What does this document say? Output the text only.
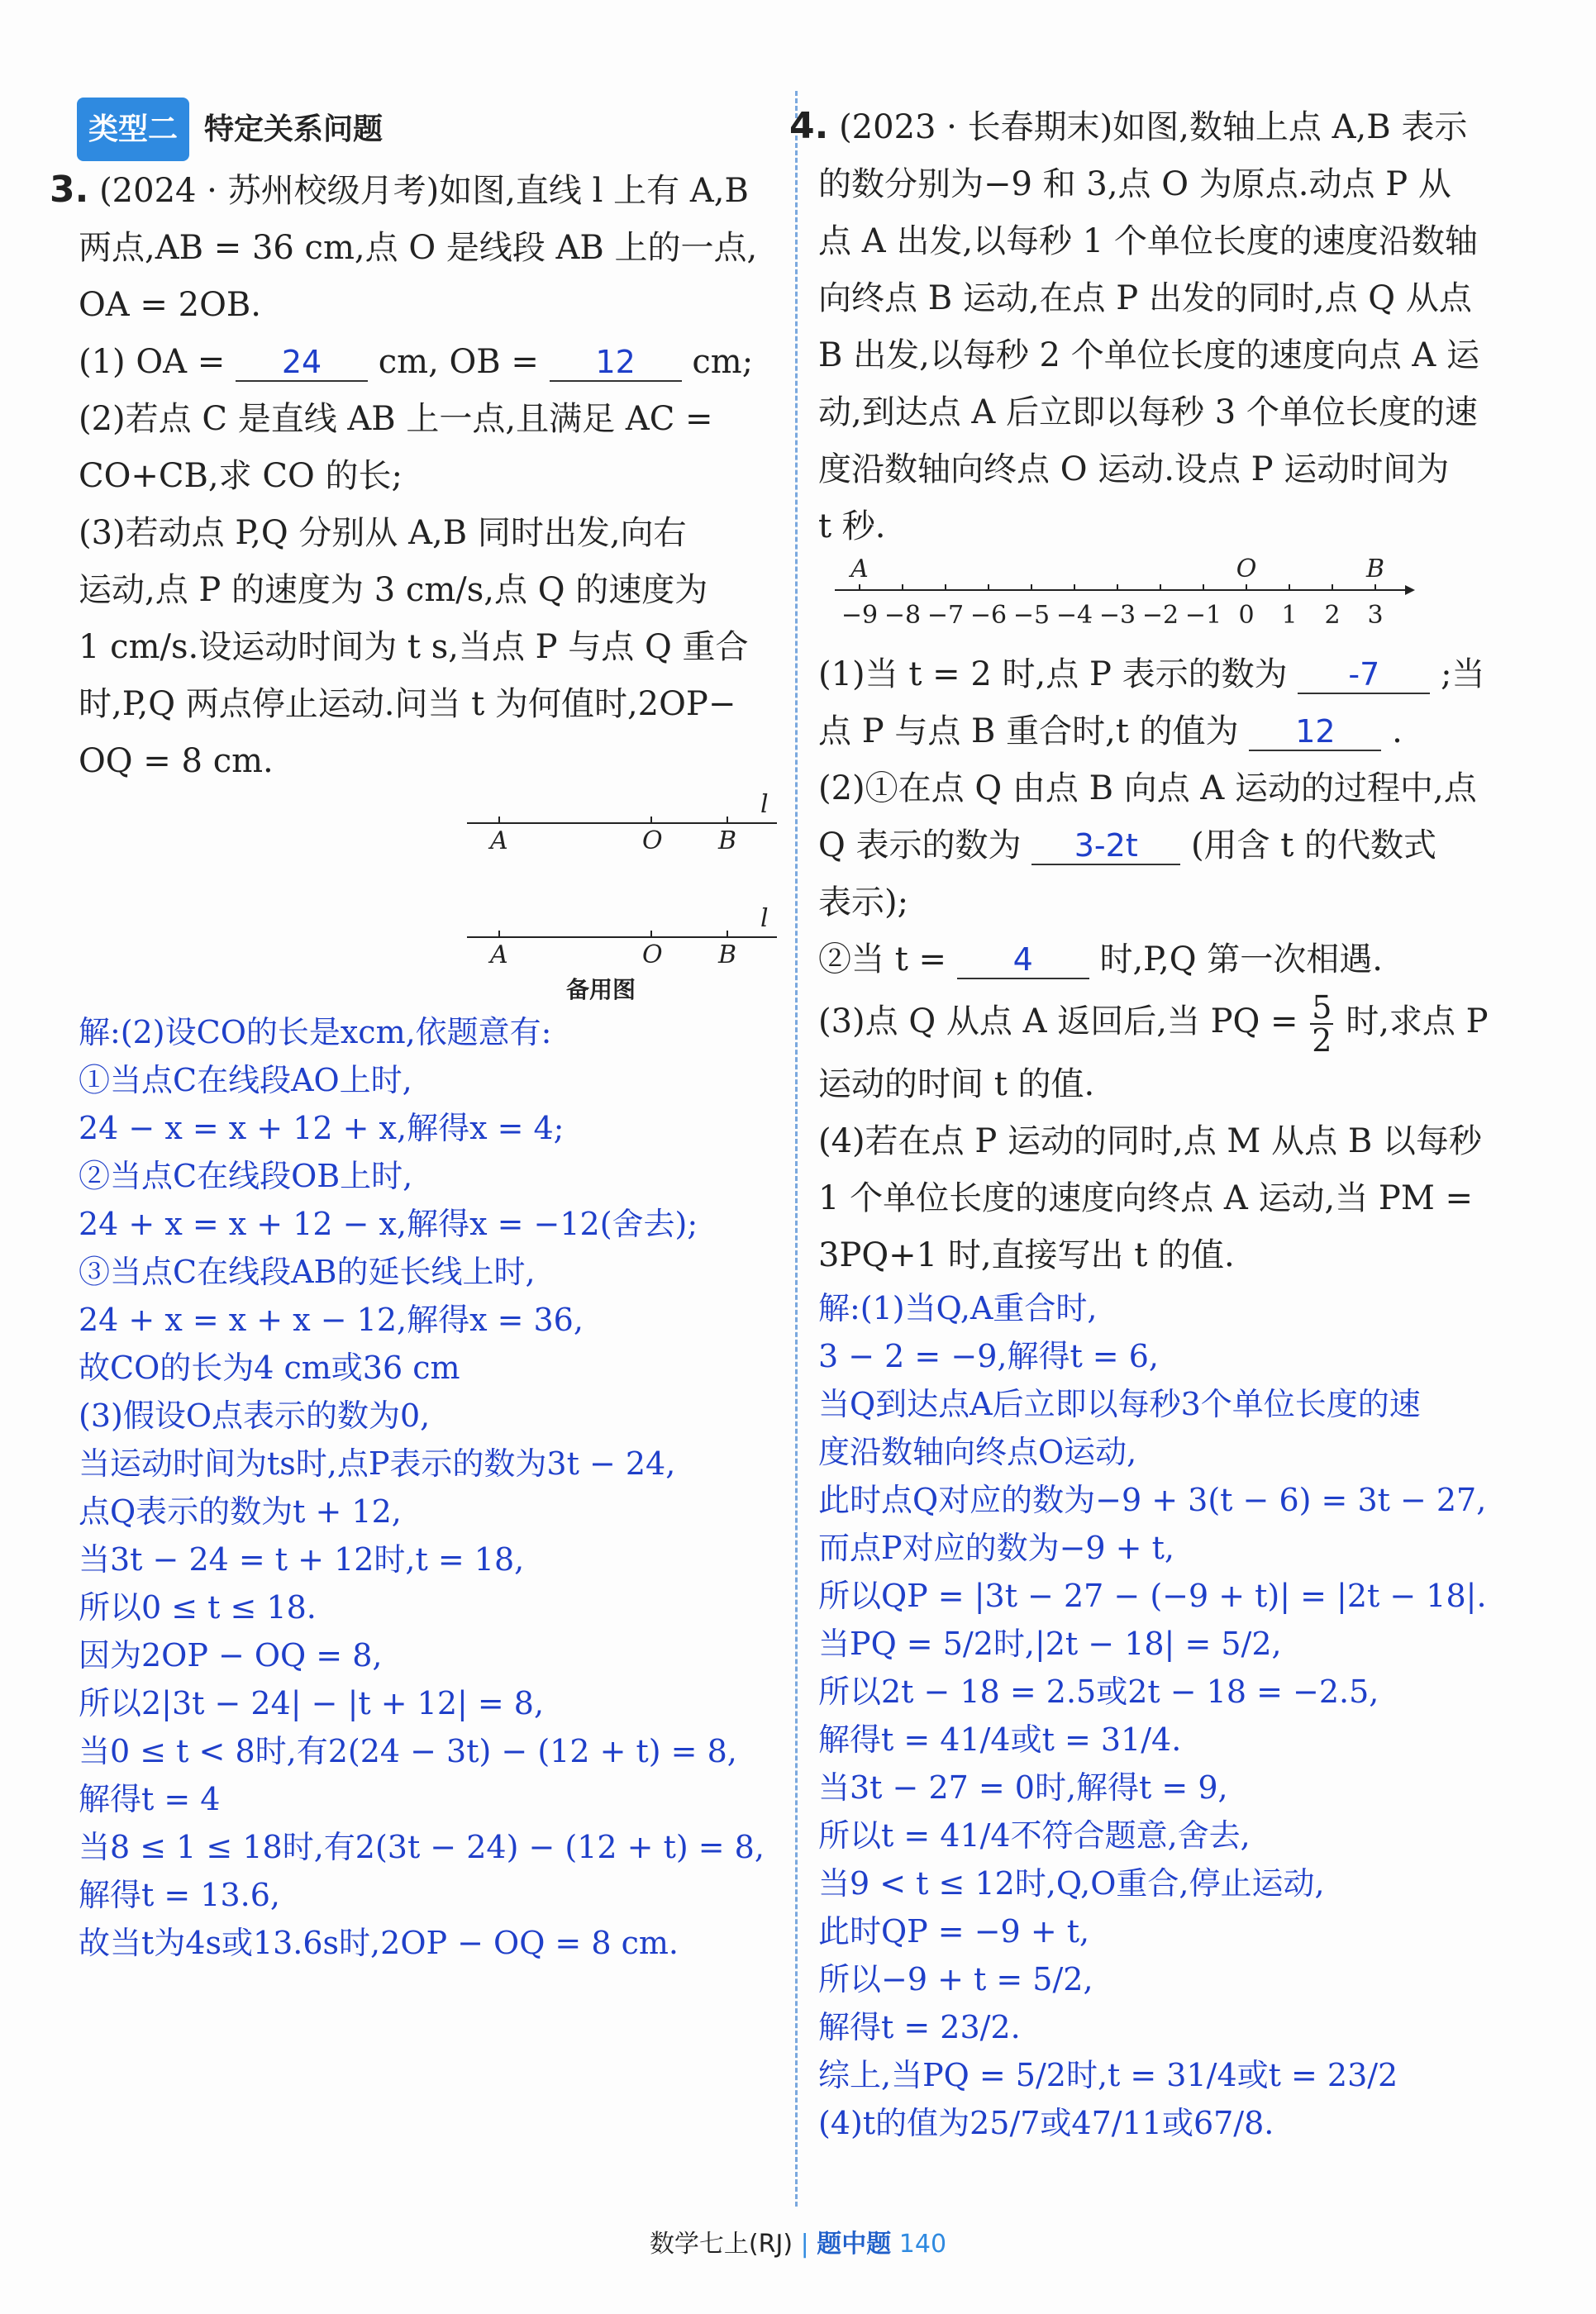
类型二 特定关系问题
3. (2024 · 苏州校级月考)如图,直线 l 上有 A,B
两点,AB = 36 cm,点 O 是线段 AB 上的一点,
OA = 2OB.
(1) OA = 24 cm, OB = 12 cm;
(2)若点 C 是直线 AB 上一点,且满足 AC =
CO+CB,求 CO 的长;
(3)若动点 P,Q 分别从 A,B 同时出发,向右
运动,点 P 的速度为 3 cm/s,点 Q 的速度为
1 cm/s.设运动时间为 t s,当点 P 与点 Q 重合
时,P,Q 两点停止运动.问当 t 为何值时,2OP−
OQ = 8 cm.
l
A	O B
l
A	O B
备用图
解:(2)设CO的长是xcm,依题意有:
①当点C在线段AO上时,
24 − x = x + 12 + x,解得x = 4;
②当点C在线段OB上时,
24 + x = x + 12 − x,解得x = −12(舍去);
③当点C在线段AB的延长线上时,
24 + x = x + x − 12,解得x = 36,
故CO的长为4 cm或36 cm
(3)假设O点表示的数为0,
当运动时间为ts时,点P表示的数为3t − 24,
点Q表示的数为t + 12,
当3t − 24 = t + 12时,t = 18,
所以0 ≤ t ≤ 18.
因为2OP − OQ = 8,
所以2|3t − 24| − |t + 12| = 8,
当0 ≤ t < 8时,有2(24 − 3t) − (12 + t) = 8,
解得t = 4
当8 ≤ 1 ≤ 18时,有2(3t − 24) − (12 + t) = 8,
解得t = 13.6,
故当t为4s或13.6s时,2OP − OQ = 8 cm.
4. (2023 · 长春期末)如图,数轴上点 A,B 表示
的数分别为−9 和 3,点 O 为原点.动点 P 从
点 A 出发,以每秒 1 个单位长度的速度沿数轴
向终点 B 运动,在点 P 出发的同时,点 Q 从点
B 出发,以每秒 2 个单位长度的速度向点 A 运
动,到达点 A 后立即以每秒 3 个单位长度的速
度沿数轴向终点 O 运动.设点 P 运动时间为
t 秒.
−9 −8 −7 −6 −5 −4 −3 −2 −1 0 1 2 3
A	O	B
(1)当 t = 2 时,点 P 表示的数为 -7 ;当
点 P 与点 B 重合时,t 的值为 12 .
(2)①在点 Q 由点 B 向点 A 运动的过程中,点
Q 表示的数为 3-2t (用含 t 的代数式
表示);
②当 t = 4 时,P,Q 第一次相遇.
(3)点 Q 从点 A 返回后,当 PQ = $\frac{5}{2}$ 时,求点 P
运动的时间 t 的值.
(4)若在点 P 运动的同时,点 M 从点 B 以每秒
1 个单位长度的速度向终点 A 运动,当 PM =
3PQ+1 时,直接写出 t 的值.
解:(1)当Q,A重合时,
3 − 2 = −9,解得t = 6,
当Q到达点A后立即以每秒3个单位长度的速
度沿数轴向终点O运动,
此时点Q对应的数为−9 + 3(t − 6) = 3t − 27,
而点P对应的数为−9 + t,
所以QP = |3t − 27 − (−9 + t)| = |2t − 18|.
当PQ = 5/2时,|2t − 18| = 5/2,
所以2t − 18 = 2.5或2t − 18 = −2.5,
解得t = 41/4或t = 31/4.
当3t − 27 = 0时,解得t = 9,
所以t = 41/4不符合题意,舍去,
当9 < t ≤ 12时,Q,O重合,停止运动,
此时QP = −9 + t,
所以−9 + t = 5/2,
解得t = 23/2.
综上,当PQ = 5/2时,t = 31/4或t = 23/2
(4)t的值为25/7或47/11或67/8.
数学七上(RJ) | 题中题 140
